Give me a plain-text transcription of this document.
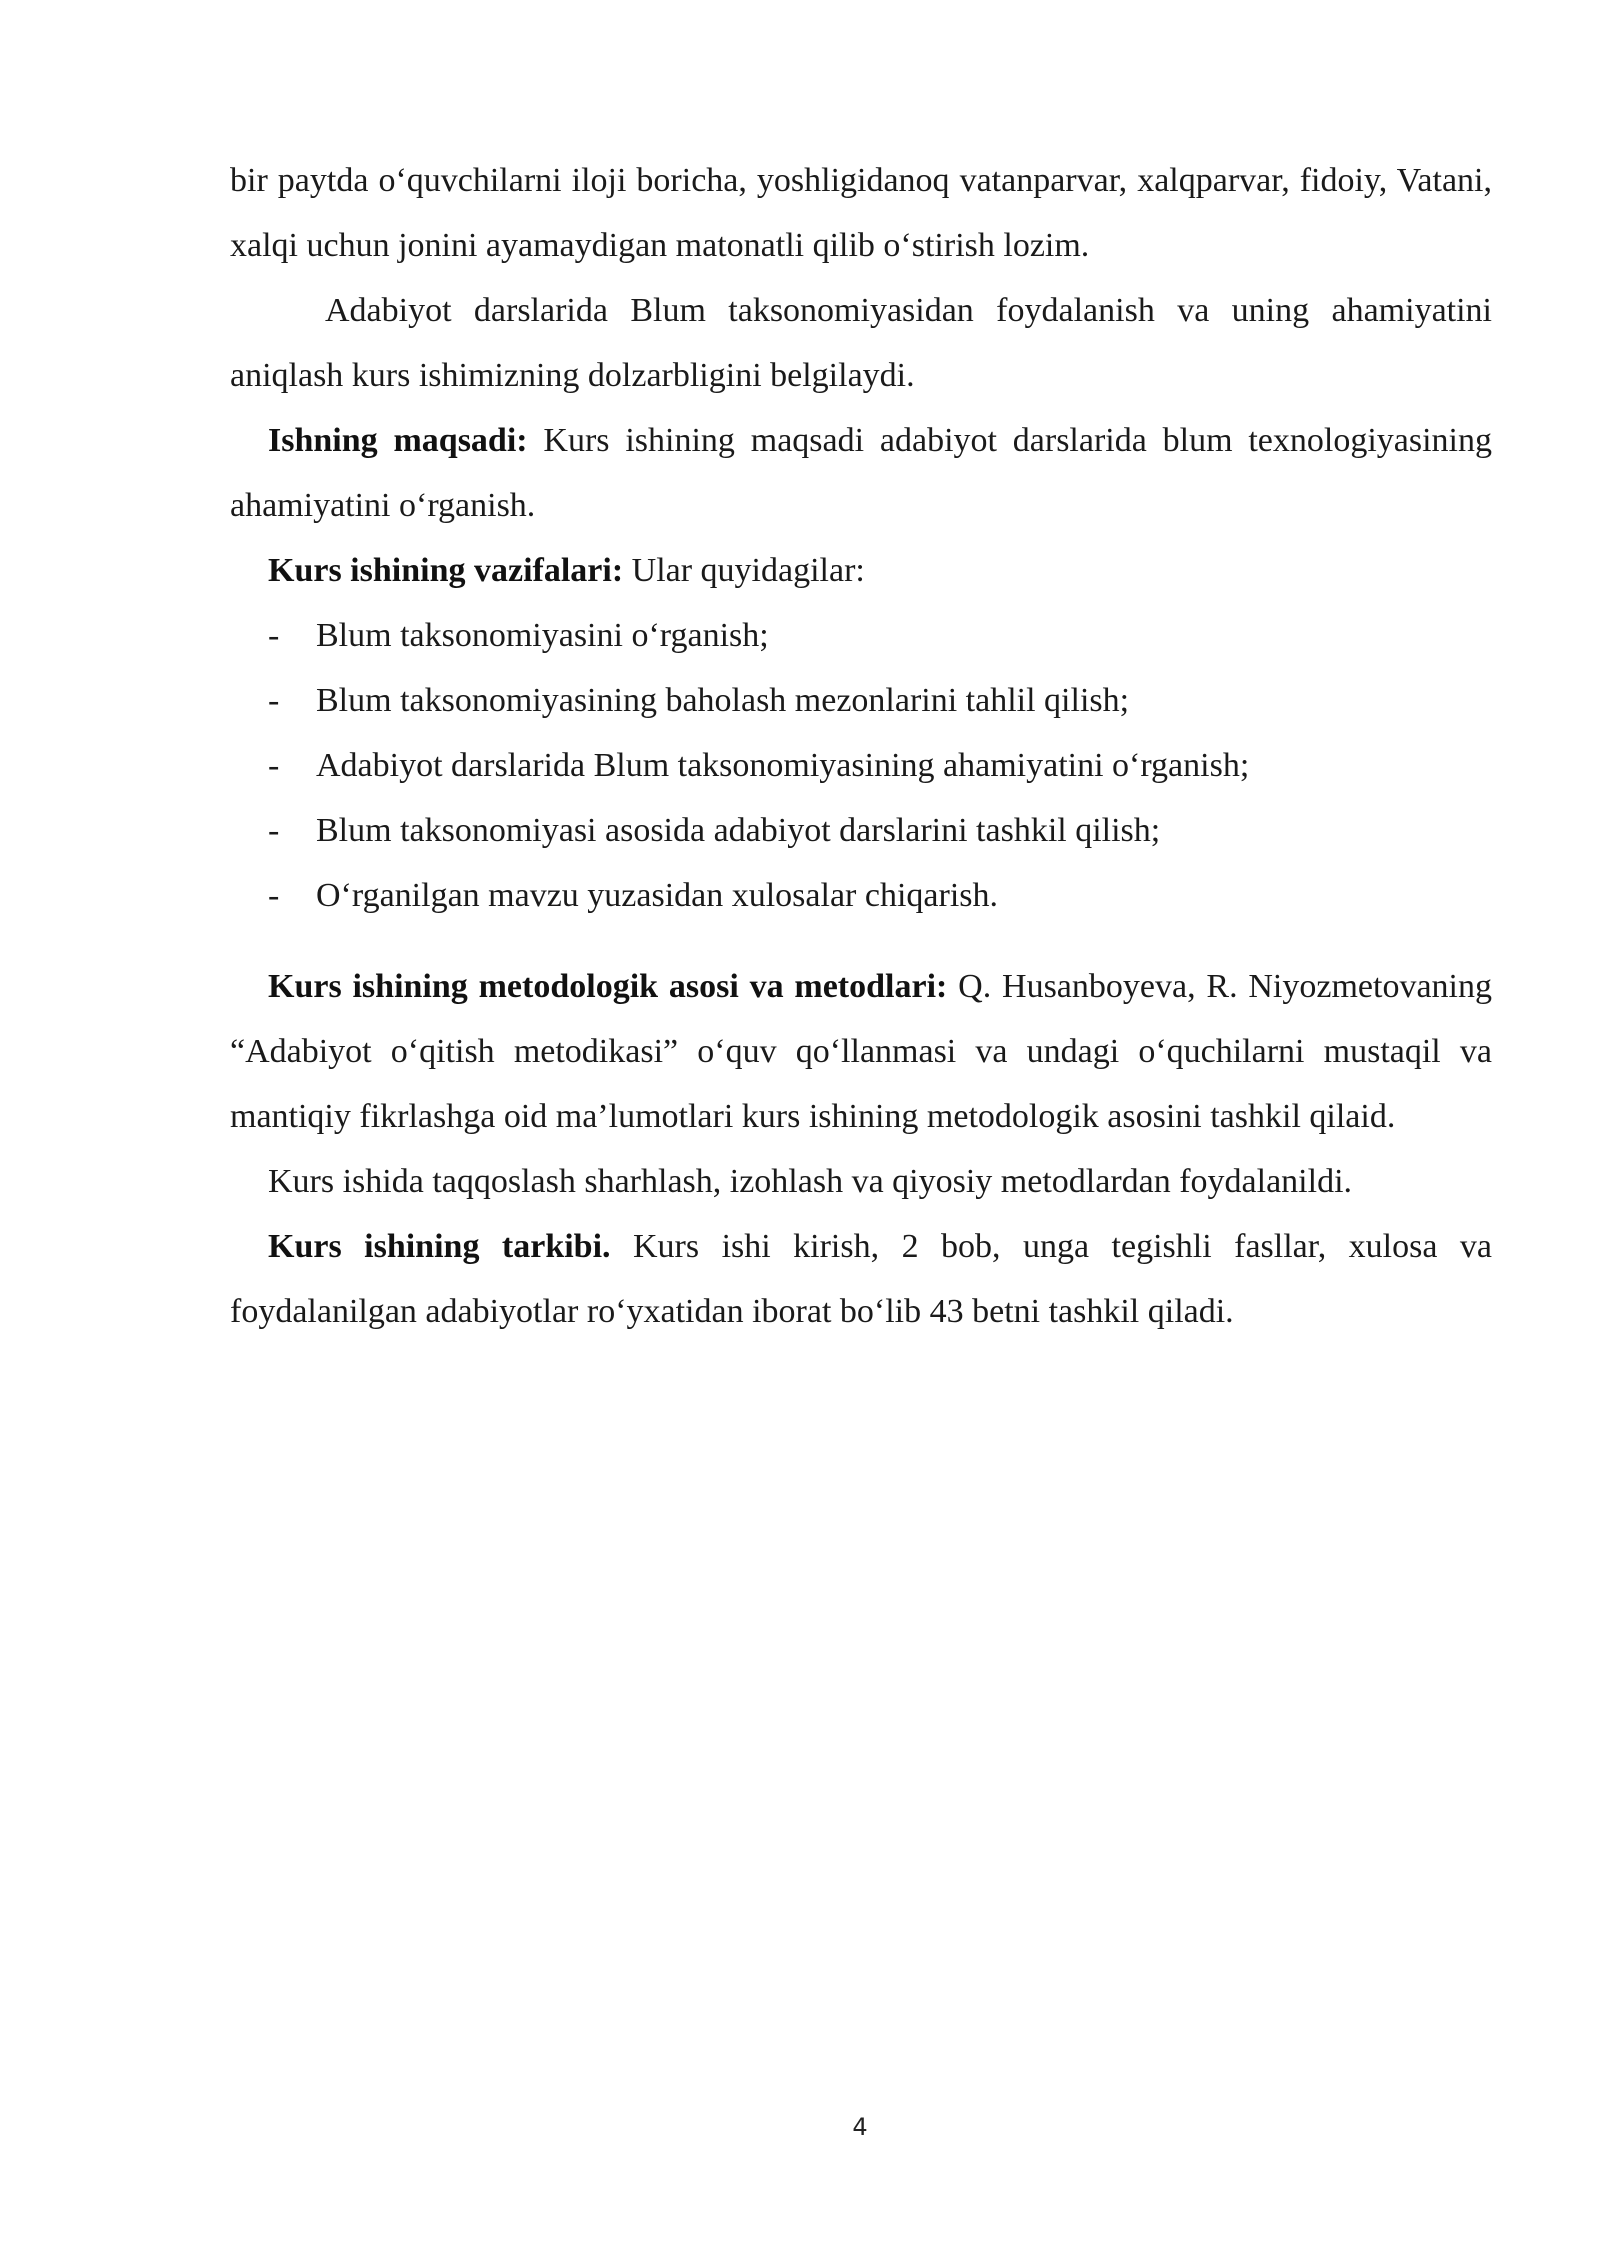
bir paytda o‘quvchilarni iloji boricha, yoshligidanoq vatanparvar, xalqparvar, fidoiy, Vatani, xalqi uchun jonini ayamaydigan matonatli qilib o‘stirish lozim.

Adabiyot darslarida Blum taksonomiyasidan foydalanish va uning ahamiyatini aniqlash kurs ishimizning dolzarbligini belgilaydi.

Ishning maqsadi: Kurs ishining maqsadi adabiyot darslarida blum texnologiyasining ahamiyatini o‘rganish.

Kurs ishining vazifalari: Ular quyidagilar:

- Blum taksonomiyasini o‘rganish;
- Blum taksonomiyasining baholash mezonlarini tahlil qilish;
- Adabiyot darslarida Blum taksonomiyasining ahamiyatini o‘rganish;
- Blum taksonomiyasi asosida adabiyot darslarini tashkil qilish;
- O‘rganilgan mavzu yuzasidan xulosalar chiqarish.

Kurs ishining metodologik asosi va metodlari: Q. Husanboyeva, R. Niyozmetovaning “Adabiyot o‘qitish metodikasi” o‘quv qo‘llanmasi va undagi o‘quchilarni mustaqil va mantiqiy fikrlashga oid ma’lumotlari kurs ishining metodologik asosini tashkil qilaid.

Kurs ishida taqqoslash sharhlash, izohlash va qiyosiy metodlardan foydalanildi.

Kurs ishining tarkibi. Kurs ishi kirish, 2 bob, unga tegishli fasllar, xulosa va foydalanilgan adabiyotlar ro‘yxatidan iborat bo‘lib 43 betni tashkil qiladi.

4
